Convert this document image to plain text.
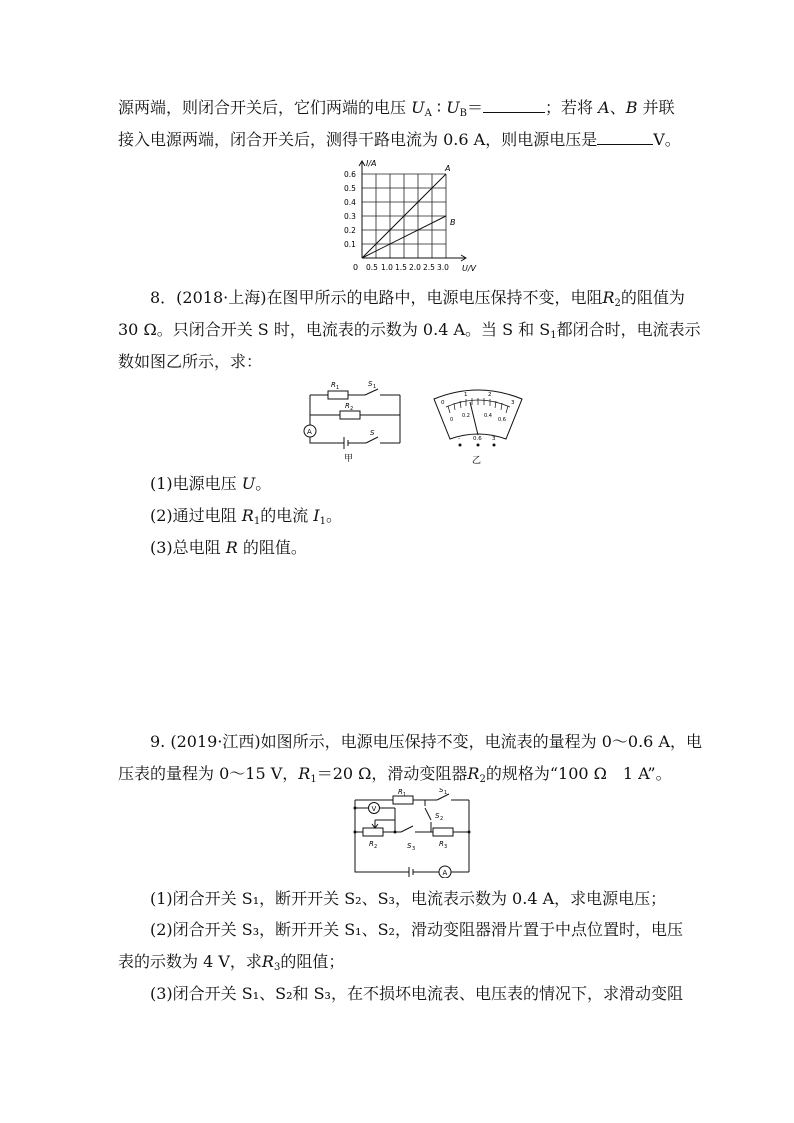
源两端，则闭合开关后，它们两端的电压 $U_A$ ∶ $U_B=$	；若将 A、B 并联
接入电源两端，闭合开关后，测得干路电流为 0.6 A，则电源电压是	V。
I/A
U/V
0
0.6
0.5
0.4
0.3
0.2
0.1
0.5 1.0 1.5 2.0 2.5 3.0
A
B
8．(2018·上海)在图甲所示的电路中，电源电压保持不变，电阻$R_2$的阻值为
30 Ω。只闭合开关 S 时，电流表的示数为 0.4 A。当 S 和 $S_1$都闭合时，电流表示
数如图乙所示，求：
A
R 1	S 1
R 2
S
甲
0
1	2
3
0
0.2	0.4
0.6
- 0.6 3
乙
(1)电源电压 U。
(2)通过电阻 $R_1$的电流 $I_1$。
(3)总电阻 R 的阻值。
9. (2019·江西)如图所示，电源电压保持不变，电流表的量程为 0～0.6 A，电
压表的量程为 0～15 V，$R_1=20$ Ω，滑动变阻器$R_2$的规格为“100 Ω　1 A”。
V
A
R 1
S 1
S 2
R 2	S 3
R 3
(1)闭合开关 S₁，断开开关 S₂、S₃，电流表示数为 0.4 A，求电源电压；
(2)闭合开关 S₃，断开开关 S₁、S₂，滑动变阻器滑片置于中点位置时，电压
表的示数为 4 V，求$R_3$的阻值；
(3)闭合开关 S₁、S₂和 S₃，在不损坏电流表、电压表的情况下，求滑动变阻
